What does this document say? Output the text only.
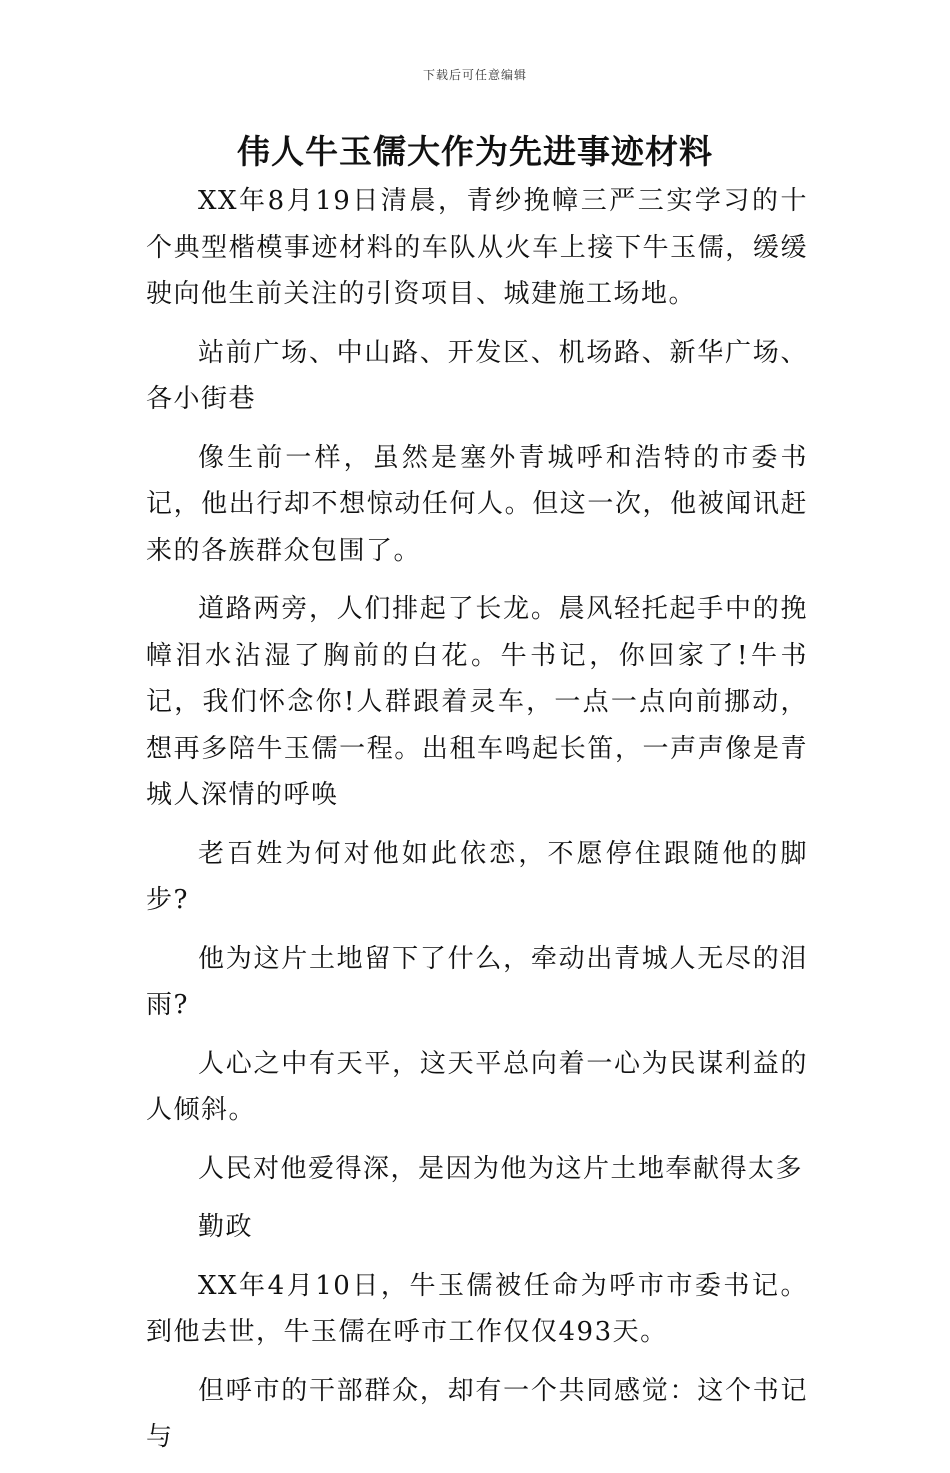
下载后可任意编辑
伟人牛玉儒大作为先进事迹材料

XX年8月19日清晨，青纱挽幛三严三实学习的十个典型楷模事迹材料的车队从火车上接下牛玉儒，缓缓驶向他生前关注的引资项目、城建施工场地。

站前广场、中山路、开发区、机场路、新华广场、各小街巷

像生前一样，虽然是塞外青城呼和浩特的市委书记，他出行却不想惊动任何人。但这一次，他被闻讯赶来的各族群众包围了。

道路两旁，人们排起了长龙。晨风轻托起手中的挽幛泪水沾湿了胸前的白花。牛书记，你回家了!牛书记，我们怀念你!人群跟着灵车，一点一点向前挪动，想再多陪牛玉儒一程。出租车鸣起长笛，一声声像是青城人深情的呼唤

老百姓为何对他如此依恋，不愿停住跟随他的脚步?

他为这片土地留下了什么，牵动出青城人无尽的泪雨?

人心之中有天平，这天平总向着一心为民谋利益的人倾斜。

人民对他爱得深，是因为他为这片土地奉献得太多

勤政

XX年4月10日，牛玉儒被任命为呼市市委书记。到他去世，牛玉儒在呼市工作仅仅493天。

但呼市的干部群众，却有一个共同感觉：这个书记与
